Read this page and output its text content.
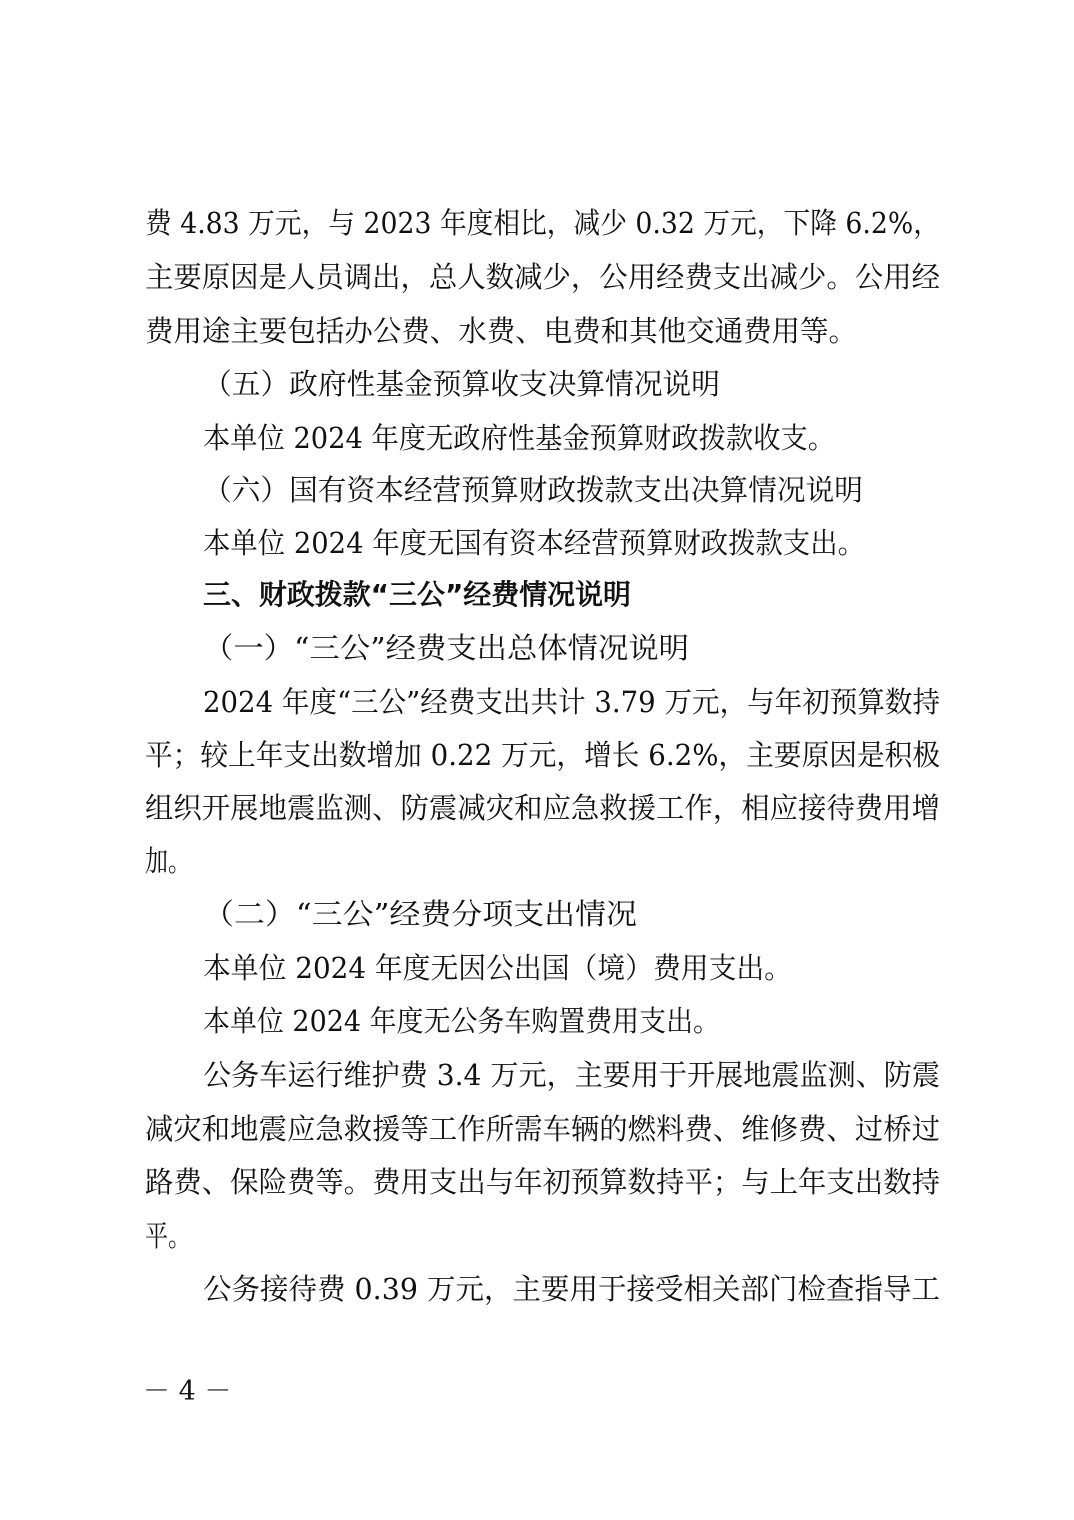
费 4.83 万元，与 2023 年度相比，减少 0.32 万元，下降 6.2%，
主要原因是人员调出，总人数减少，公用经费支出减少。公用经
费用途主要包括办公费、水费、电费和其他交通费用等。
（五）政府性基金预算收支决算情况说明
本单位 2024 年度无政府性基金预算财政拨款收支。
（六）国有资本经营预算财政拨款支出决算情况说明
本单位 2024 年度无国有资本经营预算财政拨款支出。
三、财政拨款“三公”经费情况说明
（一）“三公”经费支出总体情况说明
2024 年度“三公”经费支出共计 3.79 万元，与年初预算数持
平；较上年支出数增加 0.22 万元，增长 6.2%，主要原因是积极
组织开展地震监测、防震减灾和应急救援工作，相应接待费用增
加。
（二）“三公”经费分项支出情况
本单位 2024 年度无因公出国（境）费用支出。
本单位 2024 年度无公务车购置费用支出。
公务车运行维护费 3.4 万元，主要用于开展地震监测、防震
减灾和地震应急救援等工作所需车辆的燃料费、维修费、过桥过
路费、保险费等。费用支出与年初预算数持平；与上年支出数持
平。
公务接待费 0.39 万元，主要用于接受相关部门检查指导工
－ 4 －
